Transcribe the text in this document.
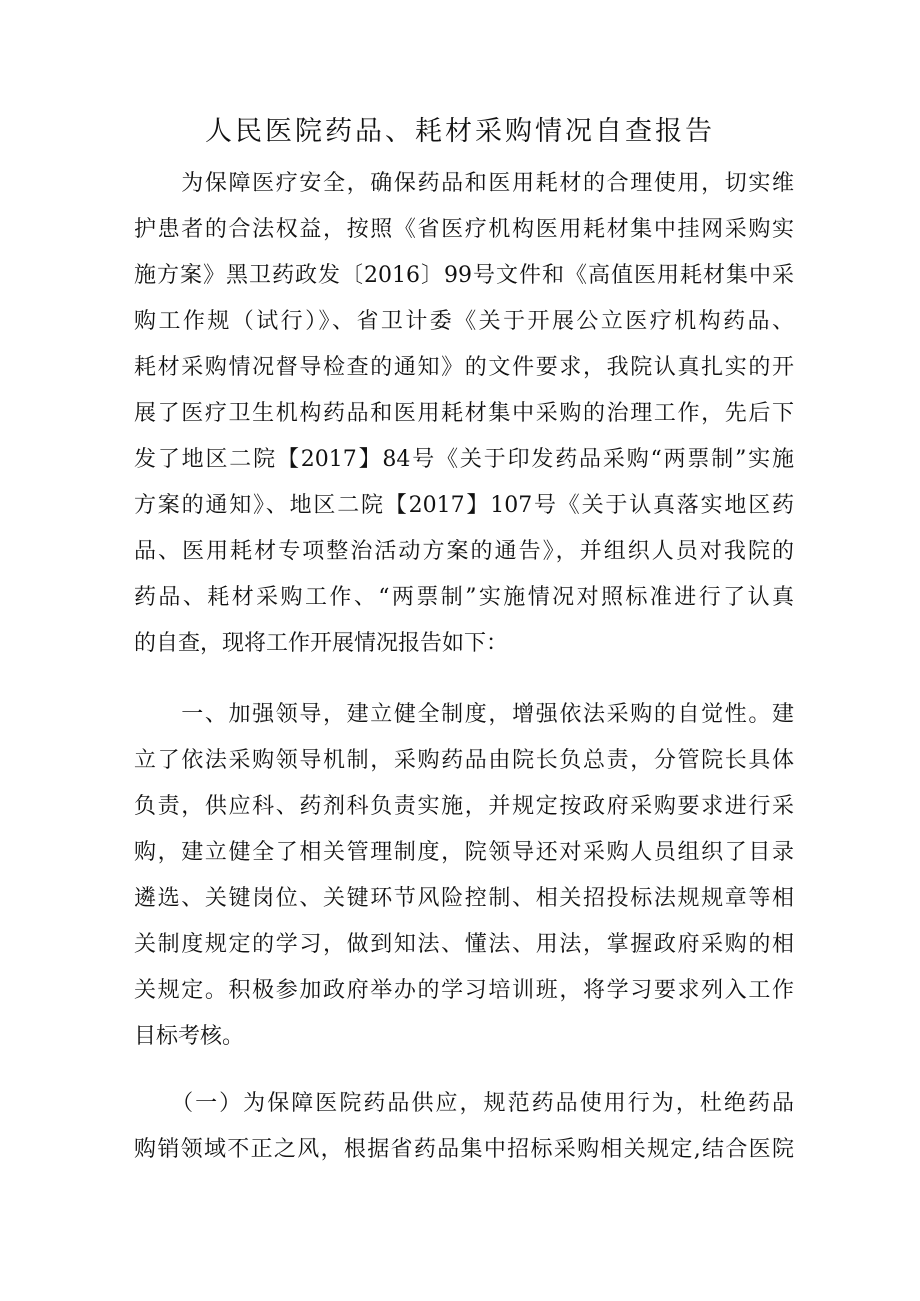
人民医院药品、耗材采购情况自查报告
　　为保障医疗安全，确保药品和医用耗材的合理使用，切实维
护患者的合法权益，按照《省医疗机构医用耗材集中挂网采购实
施方案》黑卫药政发〔2016〕99号文件和《高值医用耗材集中采
购工作规（试行）》、省卫计委《关于开展公立医疗机构药品、
耗材采购情况督导检查的通知》的文件要求，我院认真扎实的开
展了医疗卫生机构药品和医用耗材集中采购的治理工作，先后下
发了地区二院【2017】84号《关于印发药品采购“两票制”实施
方案的通知》、地区二院【2017】107号《关于认真落实地区药
品、医用耗材专项整治活动方案的通告》，并组织人员对我院的
药品、耗材采购工作、“两票制”实施情况对照标准进行了认真
的自查，现将工作开展情况报告如下：
　　一、加强领导，建立健全制度，增强依法采购的自觉性。建
立了依法采购领导机制，采购药品由院长负总责，分管院长具体
负责，供应科、药剂科负责实施，并规定按政府采购要求进行采
购，建立健全了相关管理制度，院领导还对采购人员组织了目录
遴选、关键岗位、关键环节风险控制、相关招投标法规规章等相
关制度规定的学习，做到知法、懂法、用法，掌握政府采购的相
关规定。积极参加政府举办的学习培训班，将学习要求列入工作
目标考核。
　　（一）为保障医院药品供应，规范药品使用行为，杜绝药品
购销领域不正之风，根据省药品集中招标采购相关规定,结合医院
